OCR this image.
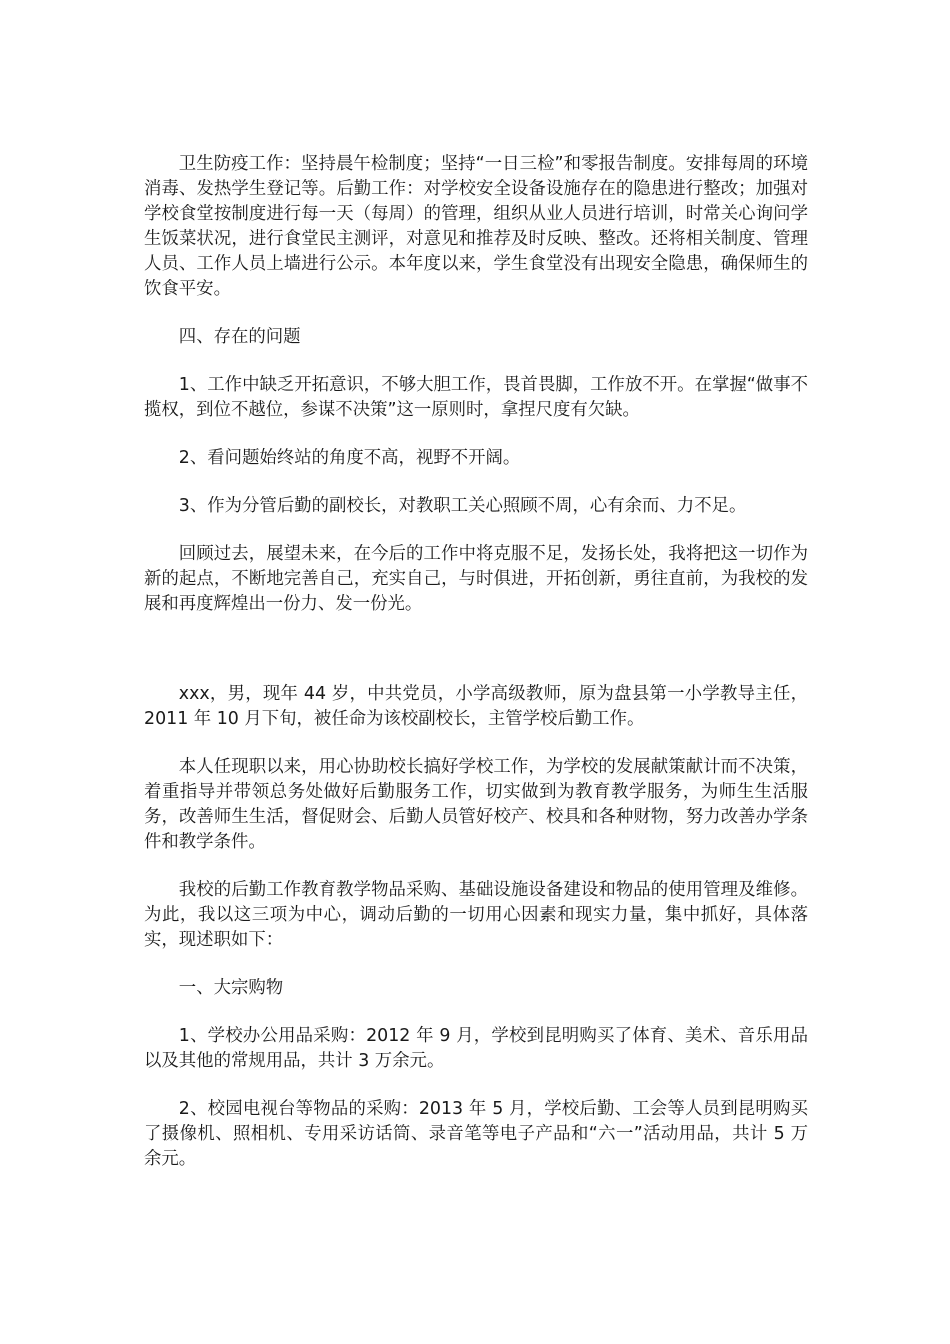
卫生防疫工作：坚持晨午检制度；坚持“一日三检”和零报告制度。安排每周的环境消毒、发热学生登记等。后勤工作：对学校安全设备设施存在的隐患进行整改；加强对学校食堂按制度进行每一天（每周）的管理，组织从业人员进行培训，时常关心询问学生饭菜状况，进行食堂民主测评，对意见和推荐及时反映、整改。还将相关制度、管理人员、工作人员上墙进行公示。本年度以来，学生食堂没有出现安全隐患，确保师生的饮食平安。

四、存在的问题

1、工作中缺乏开拓意识，不够大胆工作，畏首畏脚，工作放不开。在掌握“做事不揽权，到位不越位，参谋不决策”这一原则时，拿捏尺度有欠缺。

2、看问题始终站的角度不高，视野不开阔。

3、作为分管后勤的副校长，对教职工关心照顾不周，心有余而、力不足。

回顾过去，展望未来，在今后的工作中将克服不足，发扬长处，我将把这一切作为新的起点，不断地完善自己，充实自己，与时俱进，开拓创新，勇往直前，为我校的发展和再度辉煌出一份力、发一份光。

xxx，男，现年 44 岁，中共党员，小学高级教师，原为盘县第一小学教导主任，2011 年 10 月下旬，被任命为该校副校长，主管学校后勤工作。

本人任现职以来，用心协助校长搞好学校工作，为学校的发展献策献计而不决策，着重指导并带领总务处做好后勤服务工作，切实做到为教育教学服务，为师生生活服务，改善师生生活，督促财会、后勤人员管好校产、校具和各种财物，努力改善办学条件和教学条件。

我校的后勤工作教育教学物品采购、基础设施设备建设和物品的使用管理及维修。为此，我以这三项为中心，调动后勤的一切用心因素和现实力量，集中抓好，具体落实，现述职如下：

一、大宗购物

1、学校办公用品采购：2012 年 9 月，学校到昆明购买了体育、美术、音乐用品以及其他的常规用品，共计 3 万余元。

2、校园电视台等物品的采购：2013 年 5 月，学校后勤、工会等人员到昆明购买了摄像机、照相机、专用采访话筒、录音笔等电子产品和“六一”活动用品，共计 5 万余元。
